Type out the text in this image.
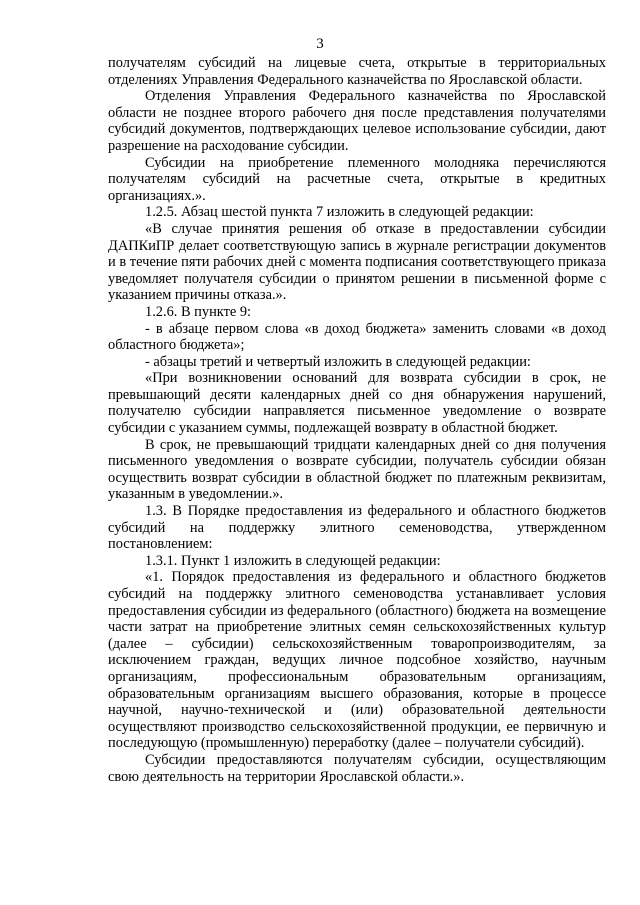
3

получателям субсидий на лицевые счета, открытые в территориальных отделениях Управления Федерального казначейства по Ярославской области.

Отделения Управления Федерального казначейства по Ярославской области не позднее второго рабочего дня после представления получателями субсидий документов, подтверждающих целевое использование субсидии, дают разрешение на расходование субсидии.

Субсидии на приобретение племенного молодняка перечисляются получателям субсидий на расчетные счета, открытые в кредитных организациях.».

1.2.5. Абзац шестой пункта 7 изложить в следующей редакции:

«В случае принятия решения об отказе в предоставлении субсидии ДАПКиПР делает соответствующую запись в журнале регистрации документов и в течение пяти рабочих дней с момента подписания соответствующего приказа уведомляет получателя субсидии о принятом решении в письменной форме с указанием причины отказа.».

1.2.6. В пункте 9:

- в абзаце первом слова «в доход бюджета» заменить словами «в доход областного бюджета»;

- абзацы третий и четвертый изложить в следующей редакции:

«При возникновении оснований для возврата субсидии в срок, не превышающий десяти календарных дней со дня обнаружения нарушений, получателю субсидии направляется письменное уведомление о возврате субсидии с указанием суммы, подлежащей возврату в областной бюджет.

В срок, не превышающий тридцати календарных дней со дня получения письменного уведомления о возврате субсидии, получатель субсидии обязан осуществить возврат субсидии в областной бюджет по платежным реквизитам, указанным в уведомлении.».

1.3. В Порядке предоставления из федерального и областного бюджетов субсидий на поддержку элитного семеноводства, утвержденном постановлением:

1.3.1. Пункт 1 изложить в следующей редакции:

«1. Порядок предоставления из федерального и областного бюджетов субсидий на поддержку элитного семеноводства устанавливает условия предоставления субсидии из федерального (областного) бюджета на возмещение части затрат на приобретение элитных семян сельскохозяйственных культур (далее – субсидии) сельскохозяйственным товаропроизводителям, за исключением граждан, ведущих личное подсобное хозяйство, научным организациям, профессиональным образовательным организациям, образовательным организациям высшего образования, которые в процессе научной, научно-технической и (или) образовательной деятельности осуществляют производство сельскохозяйственной продукции, ее первичную и последующую (промышленную) переработку (далее – получатели субсидий).

Субсидии предоставляются получателям субсидии, осуществляющим свою деятельность на территории Ярославской области.».
